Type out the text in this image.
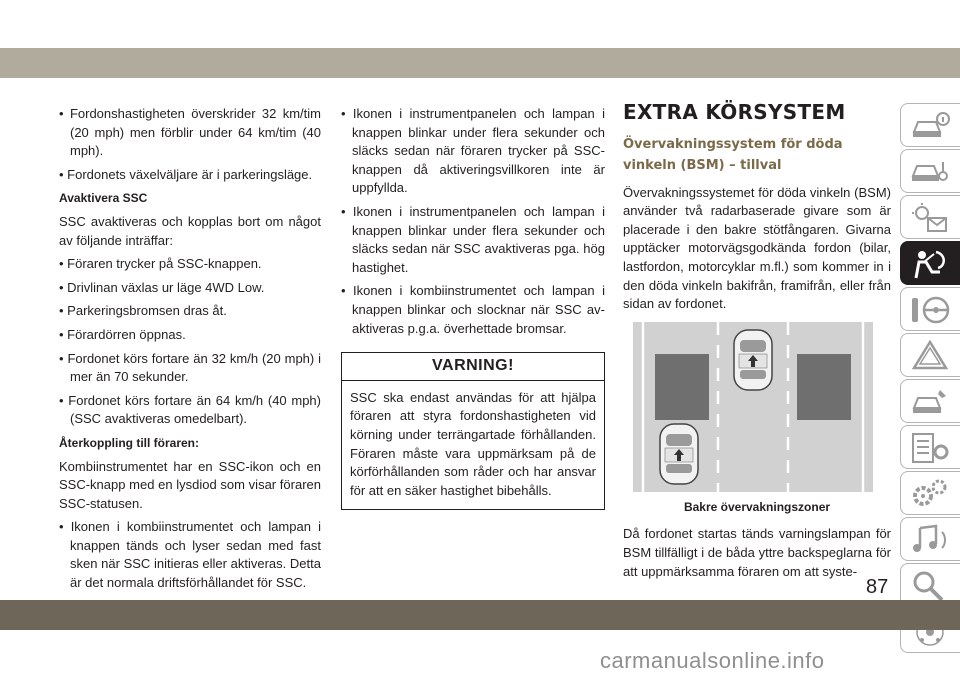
• Fordonshastigheten överskrider 32 km/tim (20 mph) men förblir under 64 km/tim (40 mph).

• Fordonets växelväljare är i parkeringsläge.

Avaktivera SSC

SSC avaktiveras och kopplas bort om något av följande inträffar:

• Föraren trycker på SSC-knappen.

• Drivlinan växlas ur läge 4WD Low.

• Parkeringsbromsen dras åt.

• Förardörren öppnas.

• Fordonet körs fortare än 32 km/h (20 mph) i mer än 70 sekunder.

• Fordonet körs fortare än 64 km/h (40 mph) (SSC avaktiveras omedelbart).

Återkoppling till föraren:

Kombiinstrumentet har en SSC-ikon och en SSC-knapp med en lysdiod som visar föraren SSC-statusen.

• Ikonen i kombiinstrumentet och lampan i knappen tänds och lyser sedan med fast sken när SSC initieras eller aktiveras. Detta är det normala driftsförhållandet för SSC.

• Ikonen i instrumentpanelen och lampan i knappen blinkar under flera sekunder och släcks sedan när föraren trycker på SSC-knappen då aktiveringsvillkoren inte är uppfyllda.

• Ikonen i instrumentpanelen och lampan i knappen blinkar under flera sekunder och släcks sedan när SSC avaktiveras pga. hög hastighet.

• Ikonen i kombiinstrumentet och lampan i knappen blinkar och slocknar när SSC av-aktiveras p.g.a. överhettade bromsar.

VARNING!
SSC ska endast användas för att hjälpa föraren att styra fordonshastigheten vid körning under terrängartade förhållanden. Föraren måste vara uppmärksam på de körförhållanden som råder och har ansvar för att en säker hastighet bibehålls.
EXTRA KÖRSYSTEM
Övervakningssystem för döda vinkeln (BSM) – tillval

Övervakningssystemet för döda vinkeln (BSM) använder två radarbaserade givare som är placerade i den bakre stötfångaren. Givarna upptäcker motorvägsgodkända fordon (bilar, lastfordon, motorcyklar m.fl.) som kommer in i den döda vinkeln bakifrån, framifrån, eller från sidan av fordonet.

Bakre övervakningszoner

Då fordonet startas tänds varningslampan för BSM tillfälligt i de båda yttre backspeglarna för att uppmärksamma föraren om att syste-

87
carmanualsonline.info
